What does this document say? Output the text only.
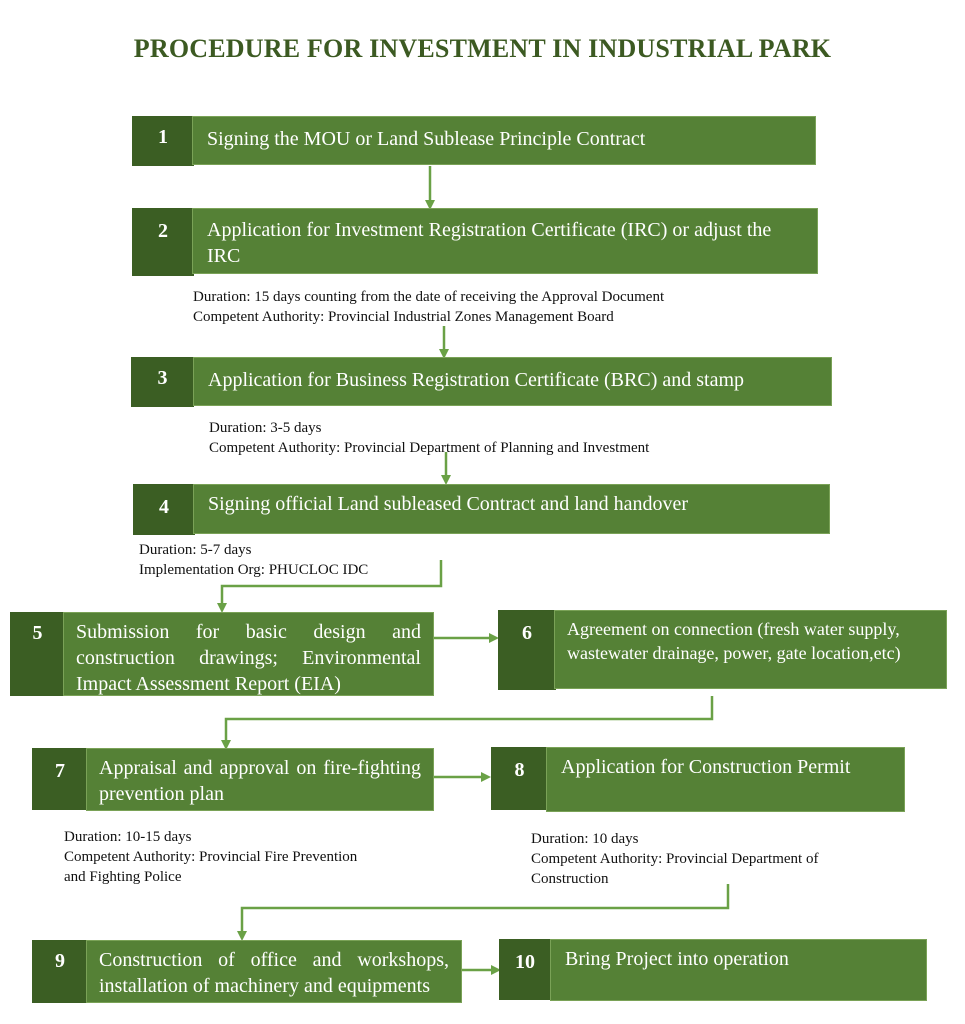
PROCEDURE FOR INVESTMENT IN INDUSTRIAL PARK
1	Signing the MOU or Land Sublease Principle Contract
2	Application for Investment Registration Certificate (IRC) or adjust the IRC
Duration: 15 days counting from the date of receiving the Approval Document
Competent Authority: Provincial Industrial Zones Management Board
3	Application for Business Registration Certificate (BRC) and stamp
Duration: 3-5 days
Competent Authority: Provincial Department of Planning and Investment
4	Signing official Land subleased Contract and land handover
Duration: 5-7 days
Implementation Org: PHUCLOC IDC
5	Submission for basic design and construction drawings; Environmental Impact Assessment Report (EIA)
6	Agreement on connection (fresh water supply, wastewater drainage, power, gate location,etc)
7	Appraisal and approval on fire-fighting prevention plan
Duration: 10-15 days
Competent Authority: Provincial Fire Prevention
and Fighting Police
8	Application for Construction Permit
Duration: 10 days
Competent Authority: Provincial Department of
Construction
9	Construction of office and workshops, installation of machinery and equipments
10	Bring Project into operation
